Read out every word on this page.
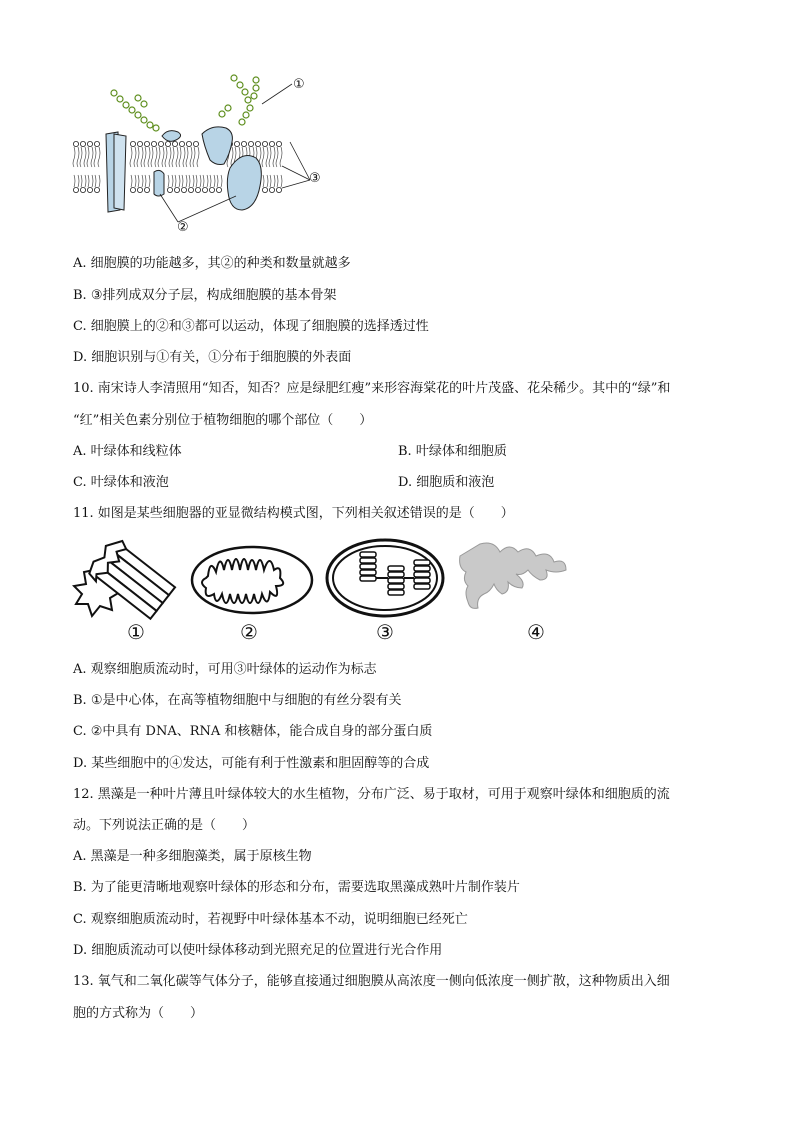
①
③
②
A. 细胞膜的功能越多，其②的种类和数量就越多
B. ③排列成双分子层，构成细胞膜的基本骨架
C. 细胞膜上的②和③都可以运动，体现了细胞膜的选择透过性
D. 细胞识别与①有关，①分布于细胞膜的外表面
10. 南宋诗人李清照用“知否，知否？应是绿肥红瘦”来形容海棠花的叶片茂盛、花朵稀少。其中的“绿”和
“红”相关色素分别位于植物细胞的哪个部位（　　）
A. 叶绿体和线粒体	B. 叶绿体和细胞质
C. 叶绿体和液泡	D. 细胞质和液泡
11. 如图是某些细胞器的亚显微结构模式图，下列相关叙述错误的是（　　）
①	②	③	④
A. 观察细胞质流动时，可用③叶绿体的运动作为标志
B. ①是中心体，在高等植物细胞中与细胞的有丝分裂有关
C. ②中具有 DNA、RNA 和核糖体，能合成自身的部分蛋白质
D. 某些细胞中的④发达，可能有利于性激素和胆固醇等的合成
12. 黑藻是一种叶片薄且叶绿体较大的水生植物，分布广泛、易于取材，可用于观察叶绿体和细胞质的流
动。下列说法正确的是（　　）
A. 黑藻是一种多细胞藻类，属于原核生物
B. 为了能更清晰地观察叶绿体的形态和分布，需要选取黑藻成熟叶片制作装片
C. 观察细胞质流动时，若视野中叶绿体基本不动，说明细胞已经死亡
D. 细胞质流动可以使叶绿体移动到光照充足的位置进行光合作用
13. 氧气和二氧化碳等气体分子，能够直接通过细胞膜从高浓度一侧向低浓度一侧扩散，这种物质出入细
胞的方式称为（　　）
